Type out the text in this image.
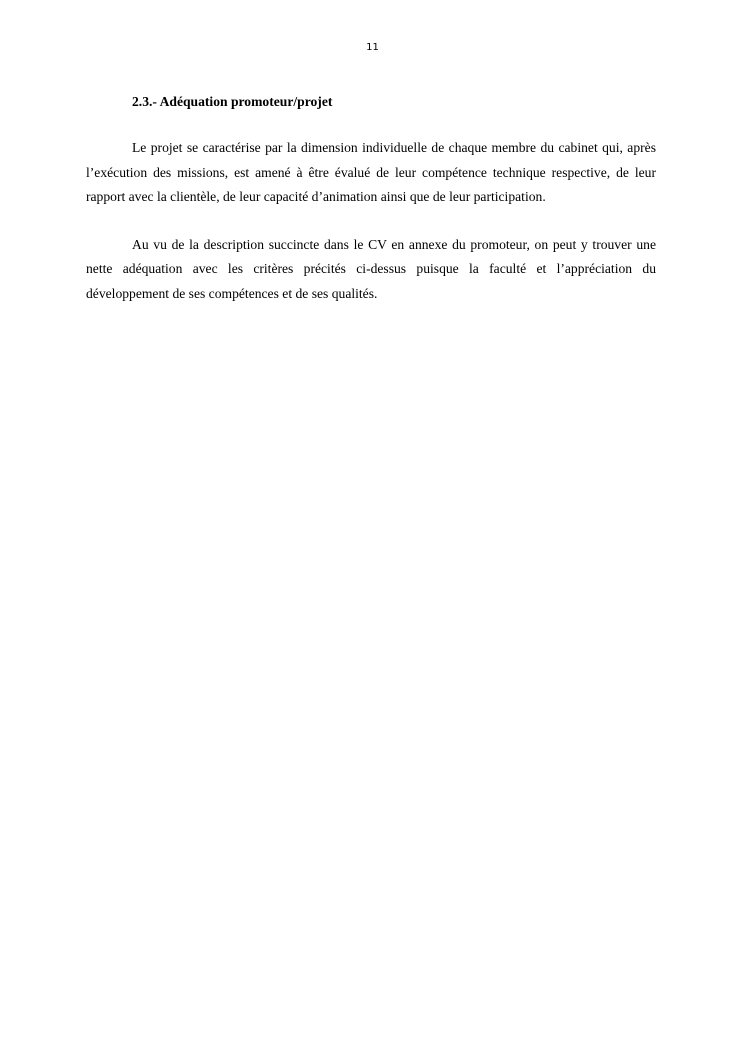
11
2.3.- Adéquation promoteur/projet

Le projet se caractérise par la dimension individuelle de chaque membre du cabinet qui, après l’exécution des missions, est amené à être évalué de leur compétence technique respective, de leur rapport avec la clientèle, de leur capacité d’animation ainsi que de leur participation.

Au vu de la description succincte dans le CV en annexe du promoteur, on peut y trouver une nette adéquation avec les critères précités ci-dessus puisque la faculté et l’appréciation du développement de ses compétences et de ses qualités.
